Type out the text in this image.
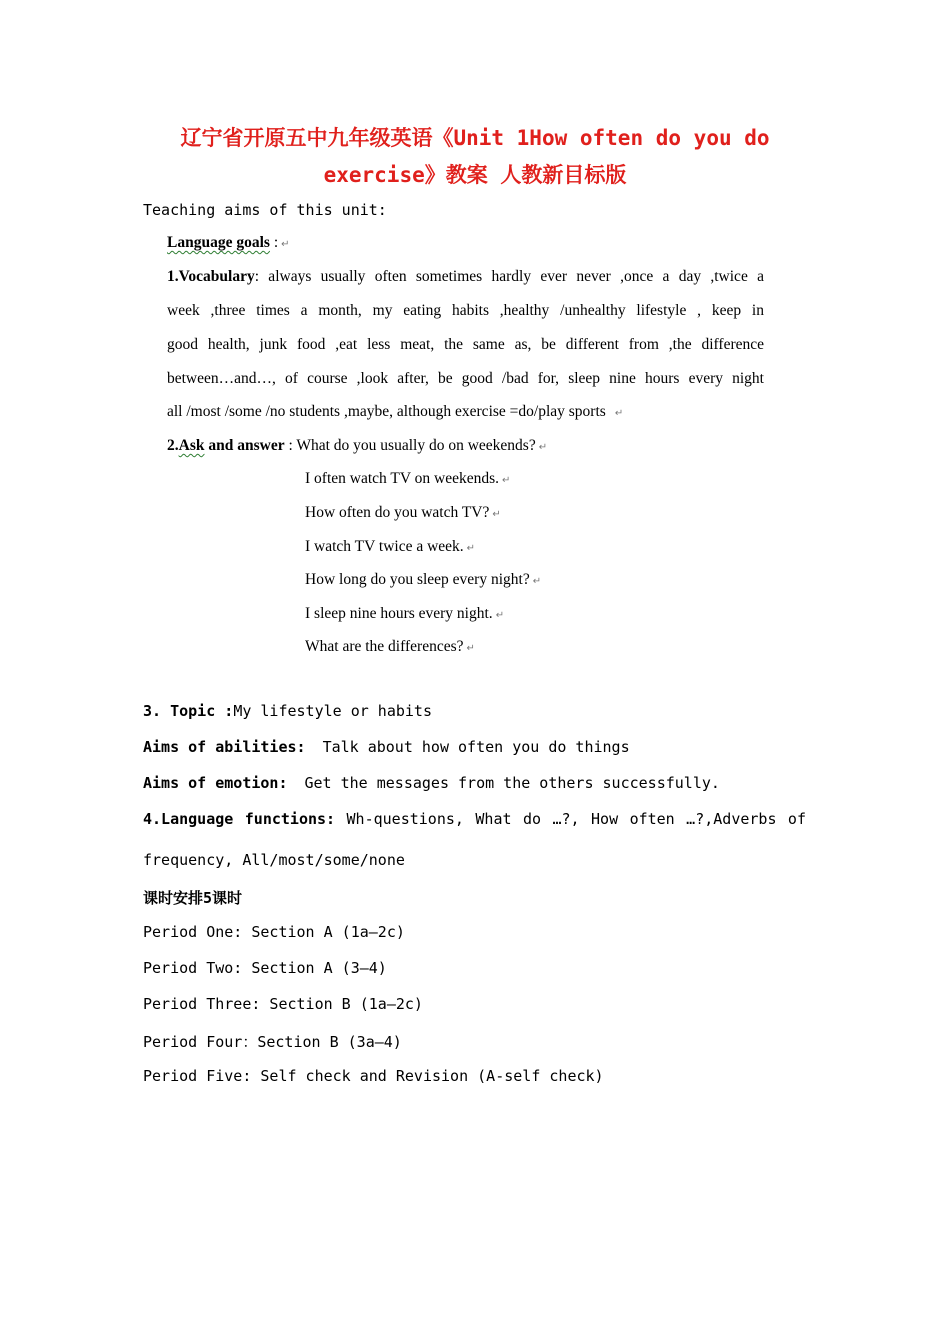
辽宁省开原五中九年级英语《Unit 1How often do you do
exercise》教案 人教新目标版
Teaching aims of this unit:
Language goals : ↵
1.Vocabulary: always usually often sometimes hardly ever never ,once a day ,twice a
week ,three times a month, my eating habits ,healthy /unhealthy lifestyle , keep in
good health, junk food ,eat less meat, the same as, be different from ,the difference
between…and…, of course ,look after, be good /bad for, sleep nine hours every night
all /most /some /no students ,maybe, although exercise =do/play sports ↵
2.Ask and answer : What do you usually do on weekends? ↵
I often watch TV on weekends. ↵
How often do you watch TV? ↵
I watch TV twice a week. ↵
How long do you sleep every night? ↵
I sleep nine hours every night. ↵
What are the differences? ↵
3. Topic :My lifestyle or habits
Aims of abilities: Talk about how often you do things
Aims of emotion: Get the messages from the others successfully.
4.Language functions: Wh-questions, What do …?, How often …?,Adverbs of
frequency, All/most/some/none
课时安排5课时
Period One: Section A (1a—2c)
Period Two: Section A (3—4)
Period Three: Section B (1a—2c)
Period Four：Section B (3a—4)
Period Five: Self check and Revision (A-self check)
